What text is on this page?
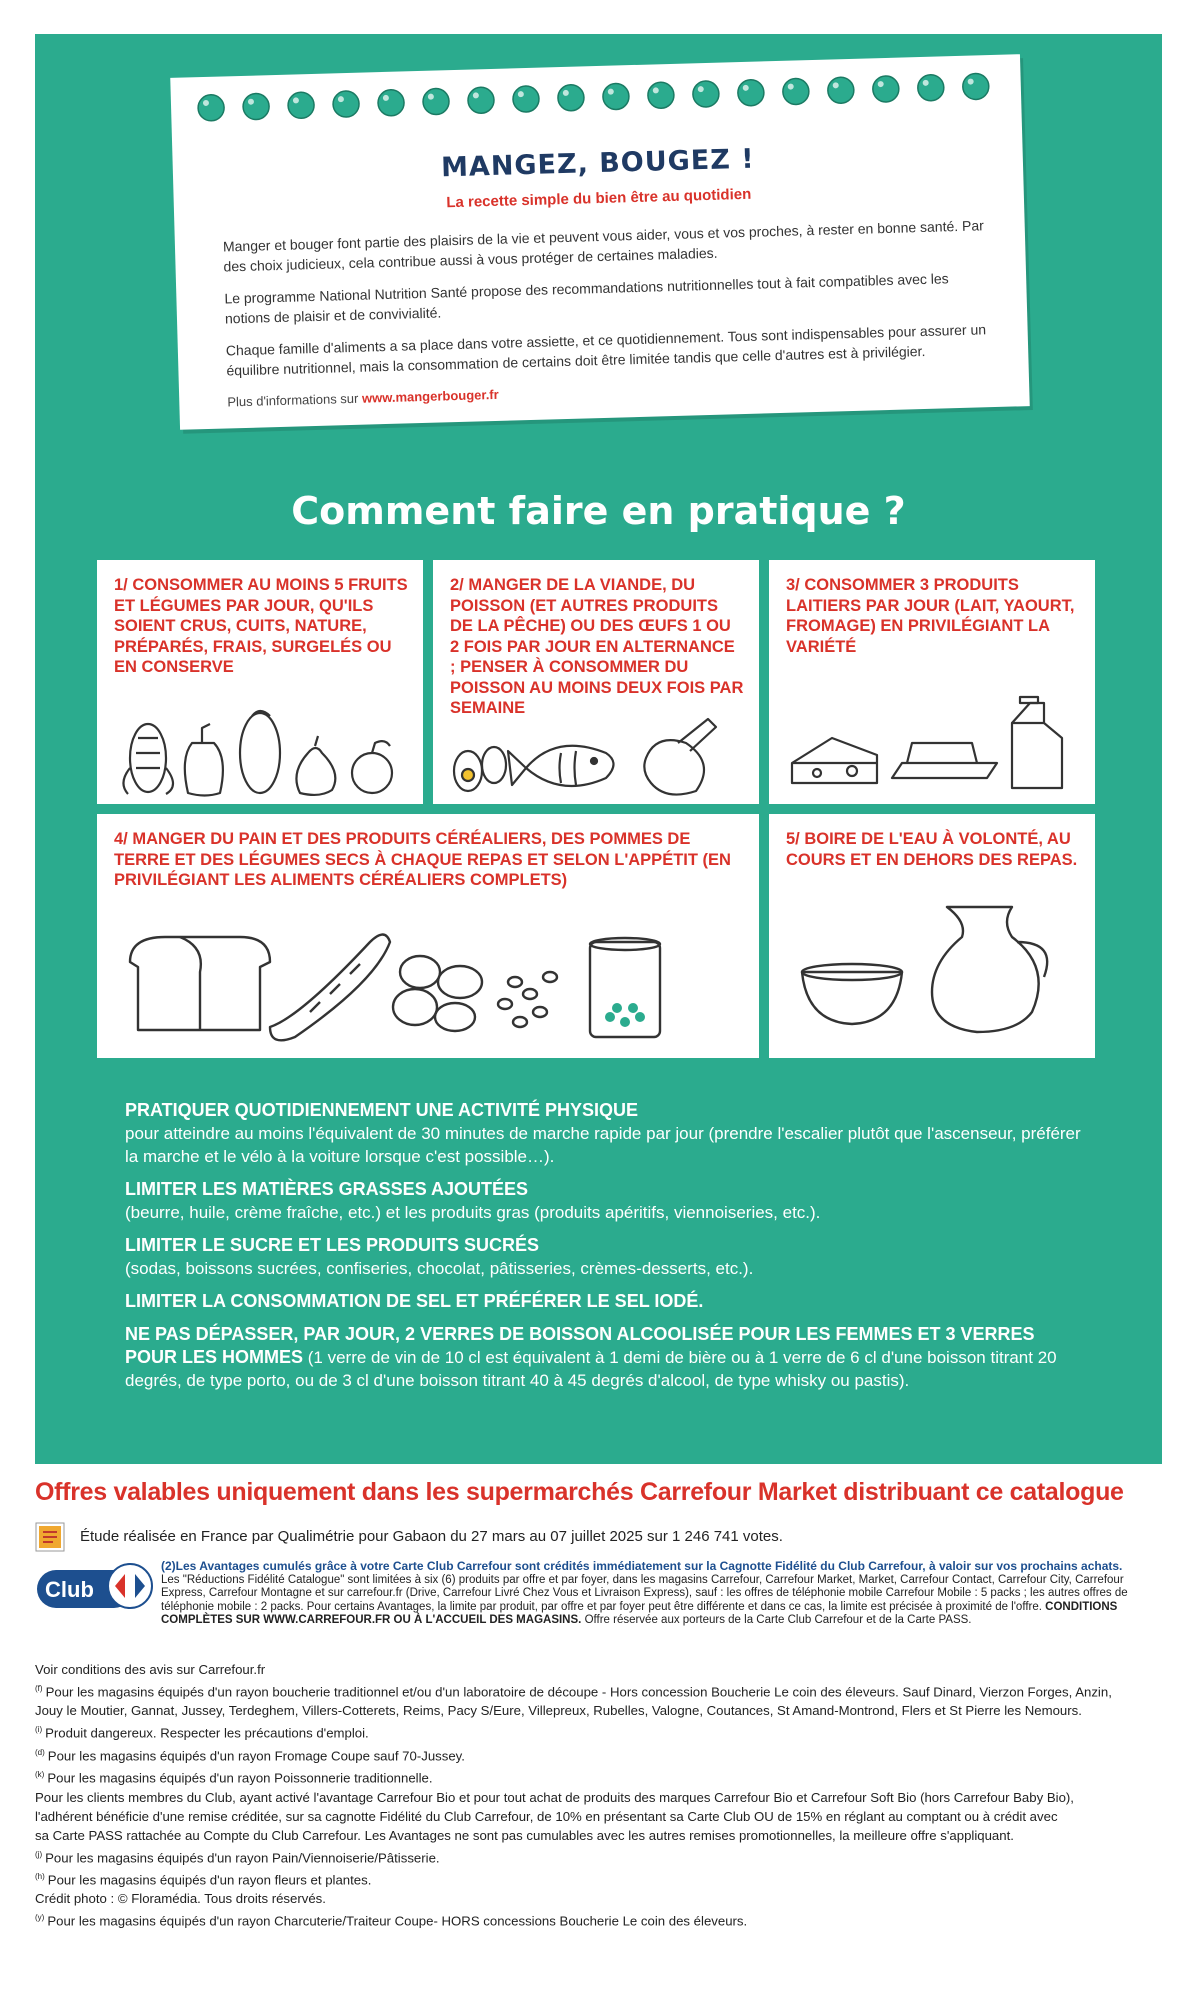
MANGEZ, BOUGEZ !
La recette simple du bien être au quotidien

Manger et bouger font partie des plaisirs de la vie et peuvent vous aider, vous et vos proches, à rester en bonne santé. Par des choix judicieux, cela contribue aussi à vous protéger de certaines maladies.

Le programme National Nutrition Santé propose des recommandations nutritionnelles tout à fait compatibles avec les notions de plaisir et de convivialité.

Chaque famille d'aliments a sa place dans votre assiette, et ce quotidiennement. Tous sont indispensables pour assurer un équilibre nutritionnel, mais la consommation de certains doit être limitée tandis que celle d'autres est à privilégier.

Plus d'informations sur www.mangerbouger.fr
Comment faire en pratique ?
1/ CONSOMMER AU MOINS 5 FRUITS ET LÉGUMES PAR JOUR, QU'ILS SOIENT CRUS, CUITS, NATURE, PRÉPARÉS, FRAIS, SURGELÉS OU EN CONSERVE
2/ MANGER DE LA VIANDE, DU POISSON (ET AUTRES PRODUITS DE LA PÊCHE) OU DES ŒUFS 1 OU 2 FOIS PAR JOUR EN ALTERNANCE ; PENSER À CONSOMMER DU POISSON AU MOINS DEUX FOIS PAR SEMAINE
3/ CONSOMMER 3 PRODUITS LAITIERS PAR JOUR (LAIT, YAOURT, FROMAGE) EN PRIVILÉGIANT LA VARIÉTÉ
4/ MANGER DU PAIN ET DES PRODUITS CÉRÉALIERS, DES POMMES DE TERRE ET DES LÉGUMES SECS À CHAQUE REPAS ET SELON L'APPÉTIT (EN PRIVILÉGIANT LES ALIMENTS CÉRÉALIERS COMPLETS)
5/ BOIRE DE L'EAU À VOLONTÉ, AU COURS ET EN DEHORS DES REPAS.
PRATIQUER QUOTIDIENNEMENT UNE ACTIVITÉ PHYSIQUE
pour atteindre au moins l'équivalent de 30 minutes de marche rapide par jour (prendre l'escalier plutôt que l'ascenseur, préférer la marche et le vélo à la voiture lorsque c'est possible…).
LIMITER LES MATIÈRES GRASSES AJOUTÉES
(beurre, huile, crème fraîche, etc.) et les produits gras (produits apéritifs, viennoiseries, etc.).
LIMITER LE SUCRE ET LES PRODUITS SUCRÉS
(sodas, boissons sucrées, confiseries, chocolat, pâtisseries, crèmes-desserts, etc.).
LIMITER LA CONSOMMATION DE SEL ET PRÉFÉRER LE SEL IODÉ.
NE PAS DÉPASSER, PAR JOUR, 2 VERRES DE BOISSON ALCOOLISÉE POUR LES FEMMES ET 3 VERRES POUR LES HOMMES (1 verre de vin de 10 cl est équivalent à 1 demi de bière ou à 1 verre de 6 cl d'une boisson titrant 20 degrés, de type porto, ou de 3 cl d'une boisson titrant 40 à 45 degrés d'alcool, de type whisky ou pastis).
Offres valables uniquement dans les supermarchés Carrefour Market distribuant ce catalogue
Étude réalisée en France par Qualimétrie pour Gabaon du 27 mars au 07 juillet 2025 sur 1 246 741 votes.
Club
(2)Les Avantages cumulés grâce à votre Carte Club Carrefour sont crédités immédiatement sur la Cagnotte Fidélité du Club Carrefour, à valoir sur vos prochains achats.
Les "Réductions Fidélité Catalogue" sont limitées à six (6) produits par offre et par foyer, dans les magasins Carrefour, Carrefour Market, Market, Carrefour Contact, Carrefour City, Carrefour Express, Carrefour Montagne et sur carrefour.fr (Drive, Carrefour Livré Chez Vous et Livraison Express), sauf : les offres de téléphonie mobile Carrefour Mobile : 5 packs ; les autres offres de téléphonie mobile : 2 packs. Pour certains Avantages, la limite par produit, par offre et par foyer peut être différente et dans ce cas, la limite est précisée à proximité de l'offre. CONDITIONS COMPLÈTES SUR WWW.CARREFOUR.FR OU À L'ACCUEIL DES MAGASINS. Offre réservée aux porteurs de la Carte Club Carrefour et de la Carte PASS.

Voir conditions des avis sur Carrefour.fr

$^{(f)}$ Pour les magasins équipés d'un rayon boucherie traditionnel et/ou d'un laboratoire de découpe - Hors concession Boucherie Le coin des éleveurs. Sauf Dinard, Vierzon Forges, Anzin,

Jouy le Moutier, Gannat, Jussey, Terdeghem, Villers-Cotterets, Reims, Pacy S/Eure, Villepreux, Rubelles, Valogne, Coutances, St Amand-Montrond, Flers et St Pierre les Nemours.

$^{(i)}$ Produit dangereux. Respecter les précautions d'emploi.

$^{(d)}$ Pour les magasins équipés d'un rayon Fromage Coupe sauf 70-Jussey.

$^{(k)}$ Pour les magasins équipés d'un rayon Poissonnerie traditionnelle.

Pour les clients membres du Club, ayant activé l'avantage Carrefour Bio et pour tout achat de produits des marques Carrefour Bio et Carrefour Soft Bio (hors Carrefour Baby Bio),

l'adhérent bénéficie d'une remise créditée, sur sa cagnotte Fidélité du Club Carrefour, de 10% en présentant sa Carte Club OU de 15% en réglant au comptant ou à crédit avec

sa Carte PASS rattachée au Compte du Club Carrefour. Les Avantages ne sont pas cumulables avec les autres remises promotionnelles, la meilleure offre s'appliquant.

$^{(j)}$ Pour les magasins équipés d'un rayon Pain/Viennoiserie/Pâtisserie.

$^{(h)}$ Pour les magasins équipés d'un rayon fleurs et plantes.

Crédit photo : © Floramédia. Tous droits réservés.

$^{(y)}$ Pour les magasins équipés d'un rayon Charcuterie/Traiteur Coupe- HORS concessions Boucherie Le coin des éleveurs.
